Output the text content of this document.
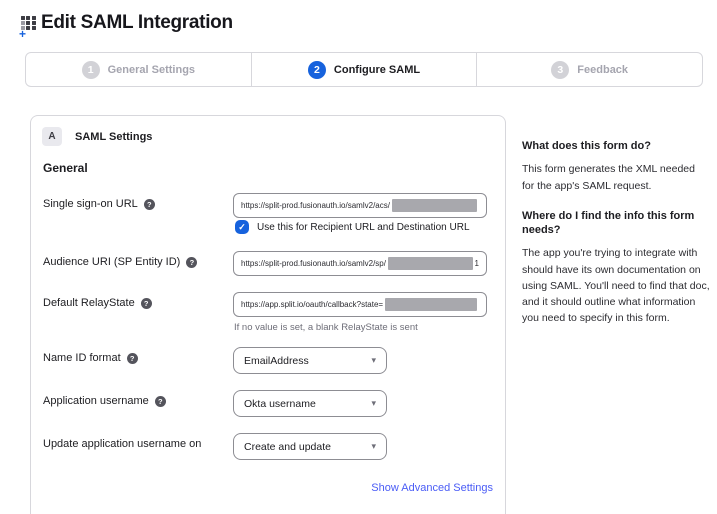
+
Edit SAML Integration
1	General Settings	2	Configure SAML	3	Feedback
A	SAML Settings
General
Single sign-on URL	?	https://split-prod.fusionauth.io/samlv2/acs/
✓	Use this for Recipient URL and Destination URL
Audience URI (SP Entity ID)	?	https://split-prod.fusionauth.io/samlv2/sp/	1
Default RelayState	?	https://app.split.io/oauth/callback?state=
If no value is set, a blank RelayState is sent
Name ID format	?	EmailAddress	▾
Application username	?	Okta username	▾
Update application username on	Create and update	▾
Show Advanced Settings
What does this form do?

This form generates the XML needed for the app's SAML request.

Where do I find the info this form needs?

The app you're trying to integrate with should have its own documentation on using SAML. You'll need to find that doc, and it should outline what information you need to specify in this form.
